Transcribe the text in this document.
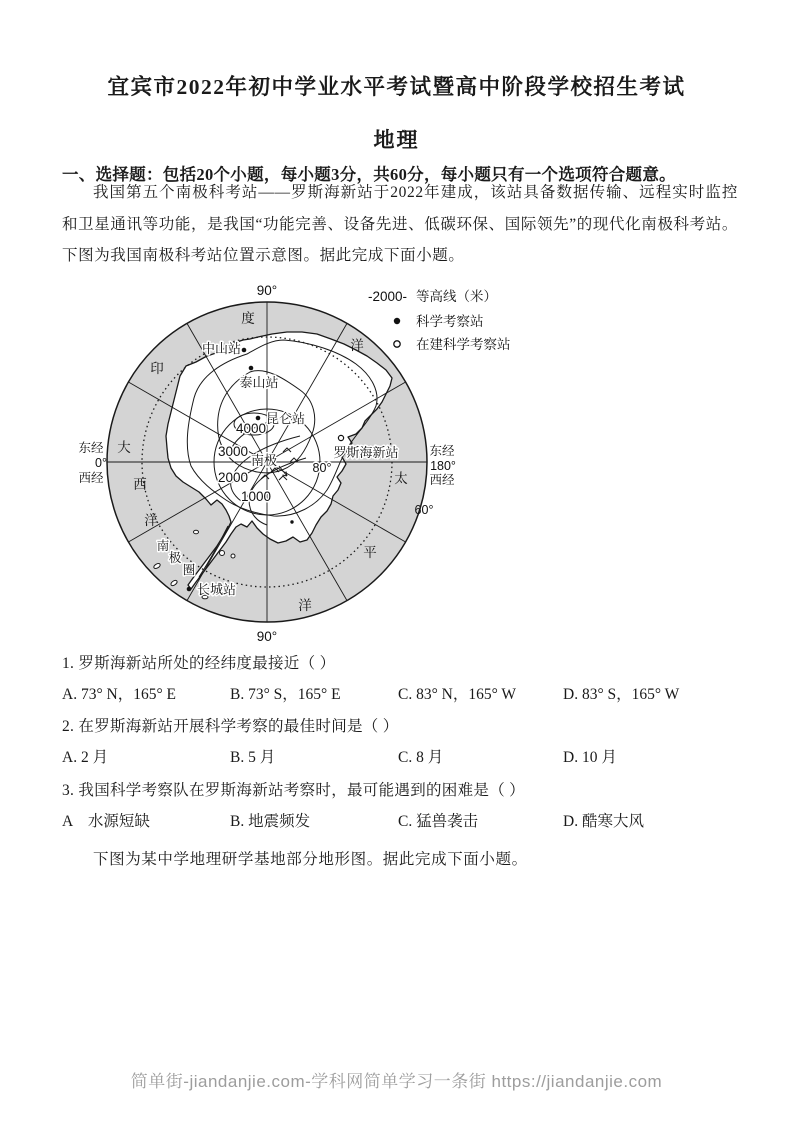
宜宾市2022年初中学业水平考试暨高中阶段学校招生考试
地理
一、选择题：包括20个小题，每小题3分，共60分，每小题只有一个选项符合题意。

我国第五个南极科考站——罗斯海新站于2022年建成，该站具备数据传输、远程实时监控和卫星通讯等功能，是我国“功能完善、设备先进、低碳环保、国际领先”的现代化南极科考站。下图为我国南极科考站位置示意图。据此完成下面小题。

中山站
泰山站
昆仑站
罗斯海新站
长城站
南极
4000
3000
2000
1000
90°
90°
东经
0°
西经
东经
180°
西经
80°
60°
南
极
圈
印
度
洋
大
西
洋
太
平
洋
-2000- 等高线（米）
科学考察站
在建科学考察站
1. 罗斯海新站所处的经纬度最接近（ ）
A. 73° N，165° E	B. 73° S，165° E	C. 83° N，165° W	D. 83° S，165° W
2. 在罗斯海新站开展科学考察的最佳时间是（ ）
A. 2 月	B. 5 月	C. 8 月	D. 10 月
3. 我国科学考察队在罗斯海新站考察时，最可能遇到的困难是（ ）
A　水源短缺	B. 地震频发	C. 猛兽袭击	D. 酷寒大风

下图为某中学地理研学基地部分地形图。据此完成下面小题。

简单街-jiandanjie.com-学科网简单学习一条街 https://jiandanjie.com
